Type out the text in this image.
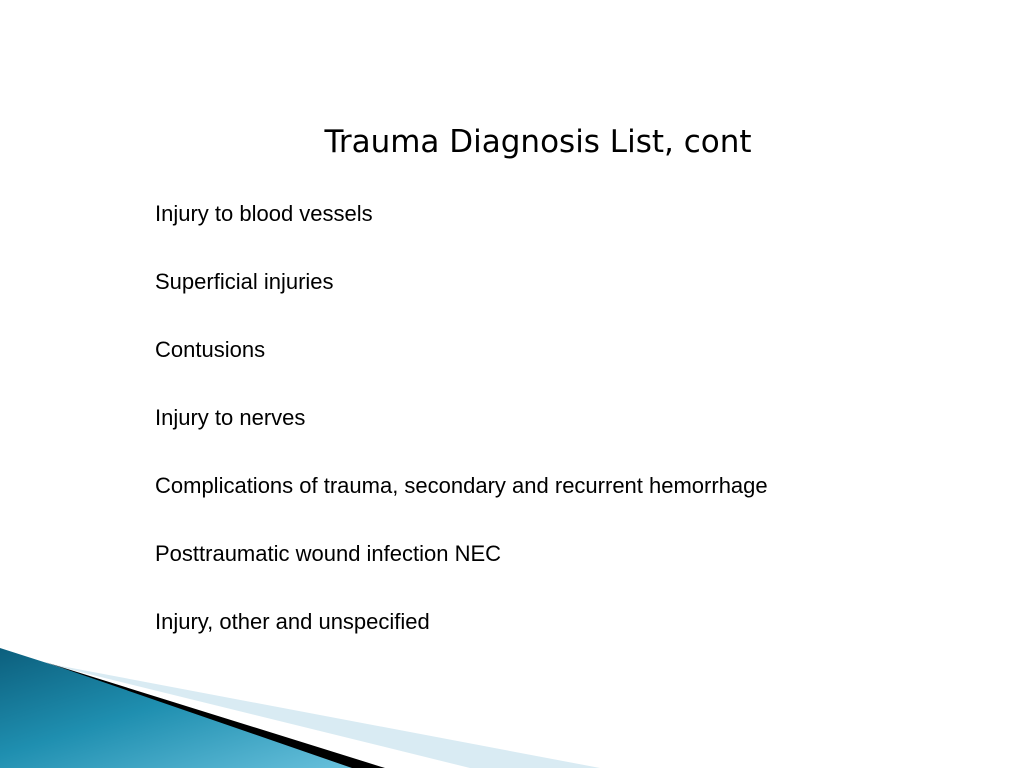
Trauma Diagnosis List, cont
Injury to blood vessels
Superficial injuries
Contusions
Injury to nerves
Complications of trauma, secondary and recurrent hemorrhage
Posttraumatic wound infection NEC
Injury, other and unspecified
